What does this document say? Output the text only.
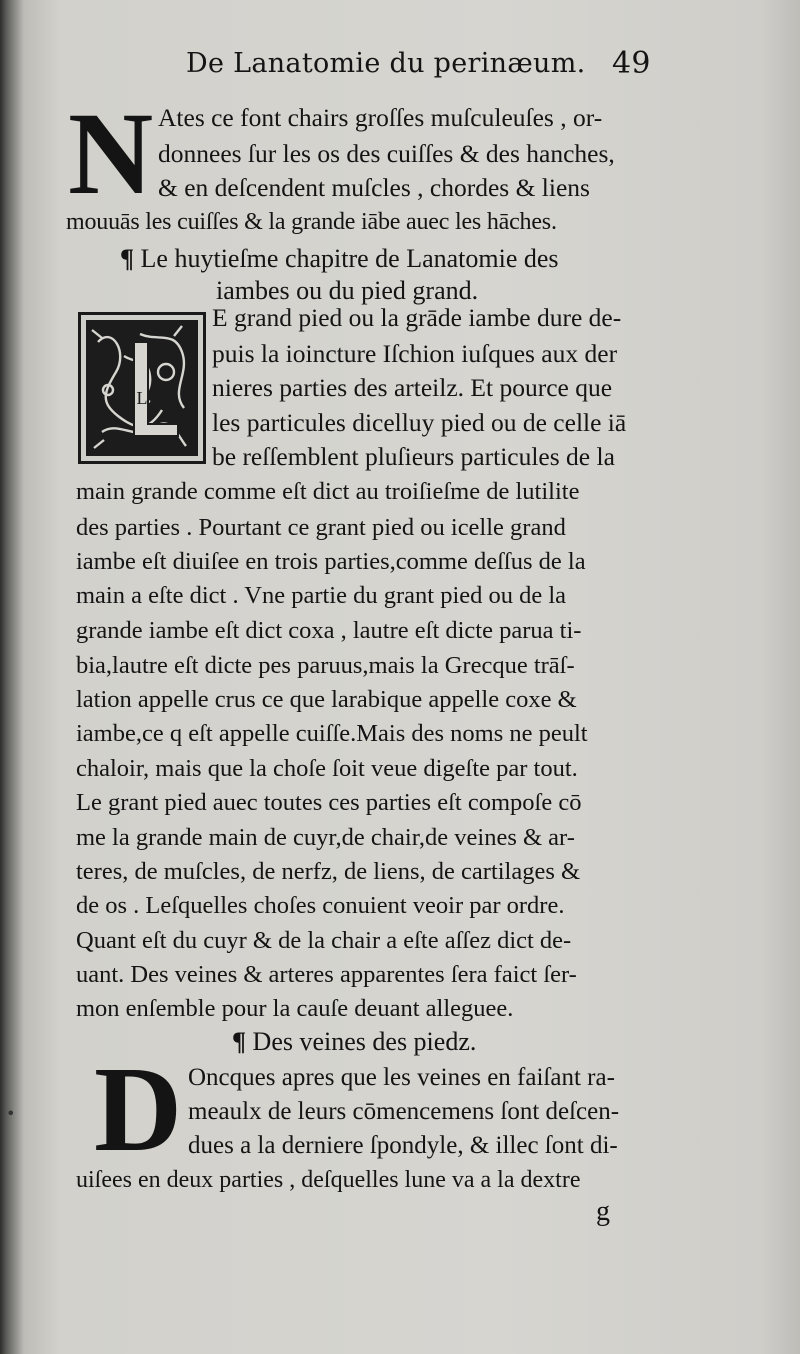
De Lanatomie du perinæum. 49
N Ates ce font chairs groſſes muſculeuſes , or-
donnees ſur les os des cuiſſes & des hanches,
& en deſcendent muſcles , chordes & liens
mouuās les cuiſſes & la grande iābe auec les hāches.
¶ Le huytieſme chapitre de Lanatomie des
iambes ou du pied grand.
L
E grand pied ou la grāde iambe dure de-
puis la ioincture Iſchion iuſques aux der
nieres parties des arteilz. Et pource que
les particules dicelluy pied ou de celle iā
be reſſemblent pluſieurs particules de la
main grande comme eſt dict au troiſieſme de lutilite
des parties . Pourtant ce grant pied ou icelle grand
iambe eſt diuiſee en trois parties,comme deſſus de la
main a eſte dict . Vne partie du grant pied ou de la
grande iambe eſt dict coxa , lautre eſt dicte parua ti-
bia,lautre eſt dicte pes paruus,mais la Grecque trāſ-
lation appelle crus ce que larabique appelle coxe &
iambe,ce q eſt appelle cuiſſe.Mais des noms ne peult
chaloir, mais que la choſe ſoit veue digeſte par tout.
Le grant pied auec toutes ces parties eſt compoſe cō
me la grande main de cuyr,de chair,de veines & ar-
teres, de muſcles, de nerfz, de liens, de cartilages &
de os . Leſquelles choſes conuient veoir par ordre.
Quant eſt du cuyr & de la chair a eſte aſſez dict de-
uant. Des veines & arteres apparentes ſera faict ſer-
mon enſemble pour la cauſe deuant alleguee.
¶ Des veines des piedz.
D Oncques apres que les veines en faiſant ra-
meaulx de leurs cōmencemens ſont deſcen-
dues a la derniere ſpondyle, & illec ſont di-
uiſees en deux parties , deſquelles lune va a la dextre
g
•
